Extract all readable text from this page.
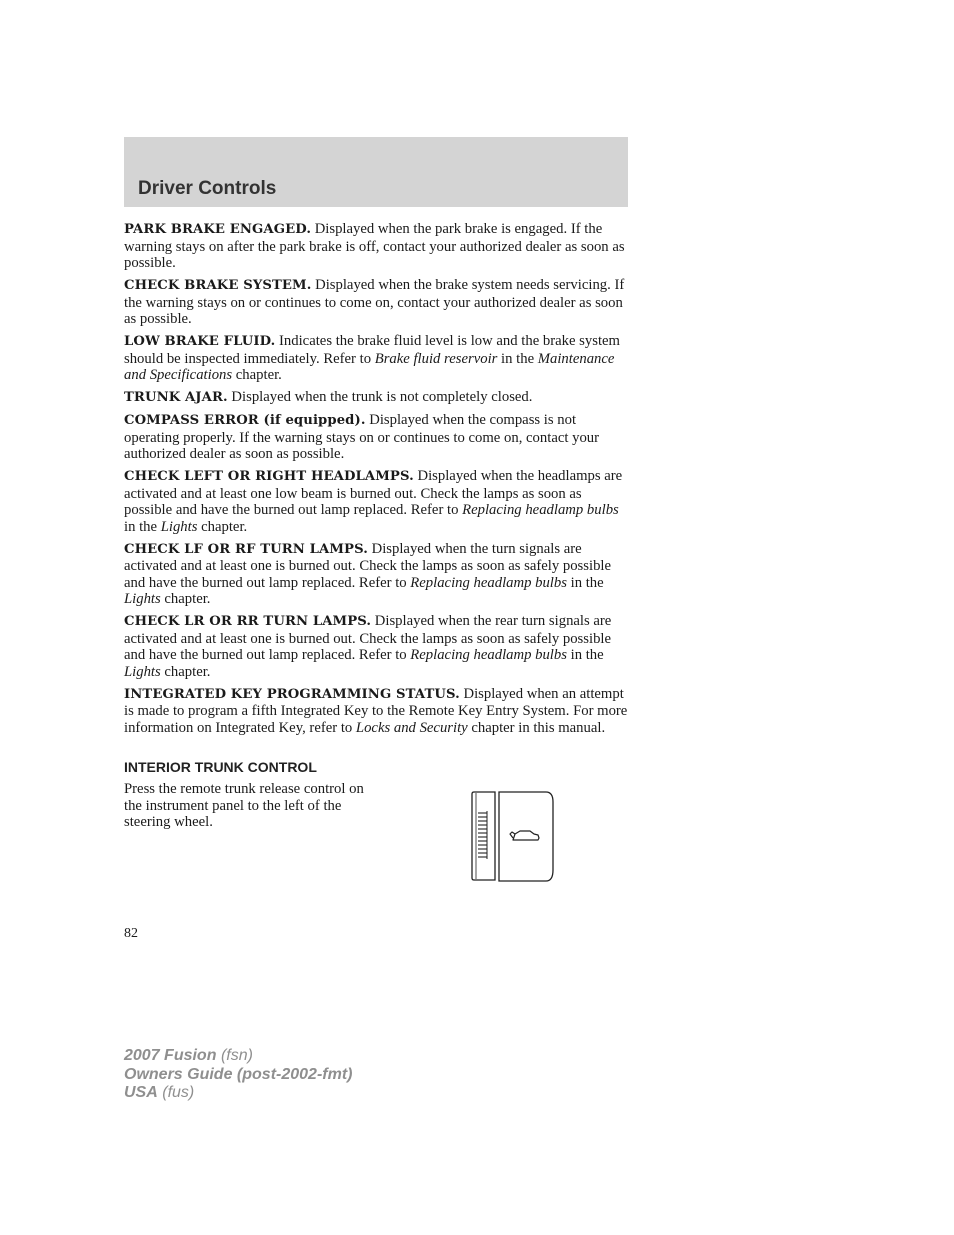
Driver Controls

PARK BRAKE ENGAGED. Displayed when the park brake is engaged. If the warning stays on after the park brake is off, contact your authorized dealer as soon as possible.

CHECK BRAKE SYSTEM. Displayed when the brake system needs servicing. If the warning stays on or continues to come on, contact your authorized dealer as soon as possible.

LOW BRAKE FLUID. Indicates the brake fluid level is low and the brake system should be inspected immediately. Refer to Brake fluid reservoir in the Maintenance and Specifications chapter.

TRUNK AJAR. Displayed when the trunk is not completely closed.

COMPASS ERROR (if equipped). Displayed when the compass is not operating properly. If the warning stays on or continues to come on, contact your authorized dealer as soon as possible.

CHECK LEFT OR RIGHT HEADLAMPS. Displayed when the headlamps are activated and at least one low beam is burned out. Check the lamps as soon as possible and have the burned out lamp replaced. Refer to Replacing headlamp bulbs in the Lights chapter.

CHECK LF OR RF TURN LAMPS. Displayed when the turn signals are activated and at least one is burned out. Check the lamps as soon as safely possible and have the burned out lamp replaced. Refer to Replacing headlamp bulbs in the Lights chapter.

CHECK LR OR RR TURN LAMPS. Displayed when the rear turn signals are activated and at least one is burned out. Check the lamps as soon as safely possible and have the burned out lamp replaced. Refer to Replacing headlamp bulbs in the Lights chapter.

INTEGRATED KEY PROGRAMMING STATUS. Displayed when an attempt is made to program a fifth Integrated Key to the Remote Key Entry System. For more information on Integrated Key, refer to Locks and Security chapter in this manual.

INTERIOR TRUNK CONTROL
Press the remote trunk release control on the instrument panel to the left of the steering wheel.
82
2007 Fusion (fsn)
Owners Guide (post-2002-fmt)
USA (fus)
